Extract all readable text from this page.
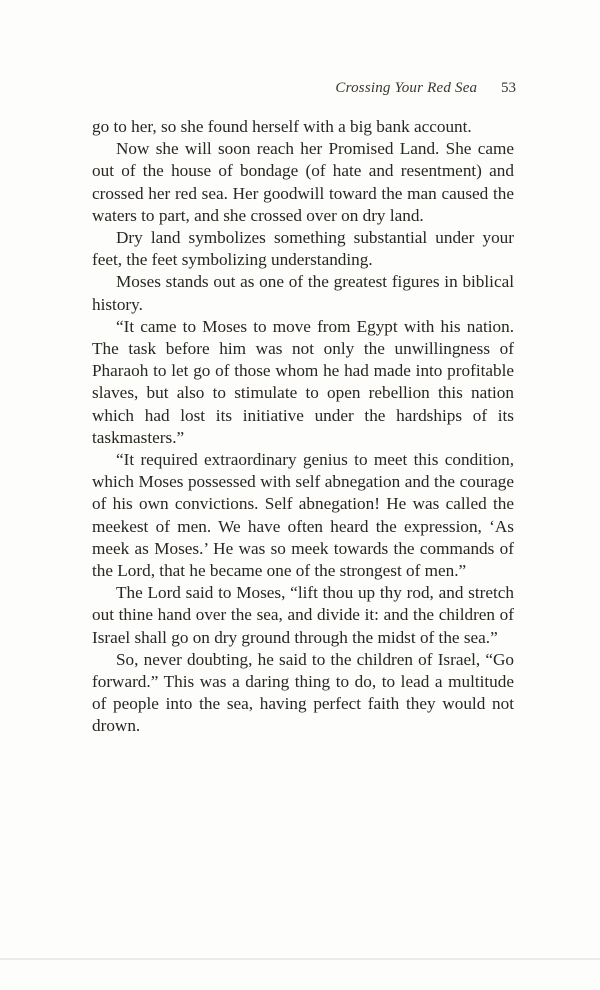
Crossing Your Red Sea 53

go to her, so she found herself with a big bank account.

Now she will soon reach her Promised Land. She came out of the house of bondage (of hate and resentment) and crossed her red sea. Her goodwill toward the man caused the waters to part, and she crossed over on dry land.

Dry land symbolizes something substantial under your feet, the feet symbolizing understanding.

Moses stands out as one of the greatest figures in biblical history.

“It came to Moses to move from Egypt with his nation. The task before him was not only the unwillingness of Pharaoh to let go of those whom he had made into profitable slaves, but also to stimulate to open rebellion this nation which had lost its initiative under the hardships of its taskmasters.”

“It required extraordinary genius to meet this condition, which Moses possessed with self abnegation and the courage of his own convictions. Self abnegation! He was called the meekest of men. We have often heard the expression, ‘As meek as Moses.’ He was so meek towards the commands of the Lord, that he became one of the strongest of men.”

The Lord said to Moses, “lift thou up thy rod, and stretch out thine hand over the sea, and divide it: and the children of Israel shall go on dry ground through the midst of the sea.”

So, never doubting, he said to the children of Israel, “Go forward.” This was a daring thing to do, to lead a multitude of people into the sea, having perfect faith they would not drown.
